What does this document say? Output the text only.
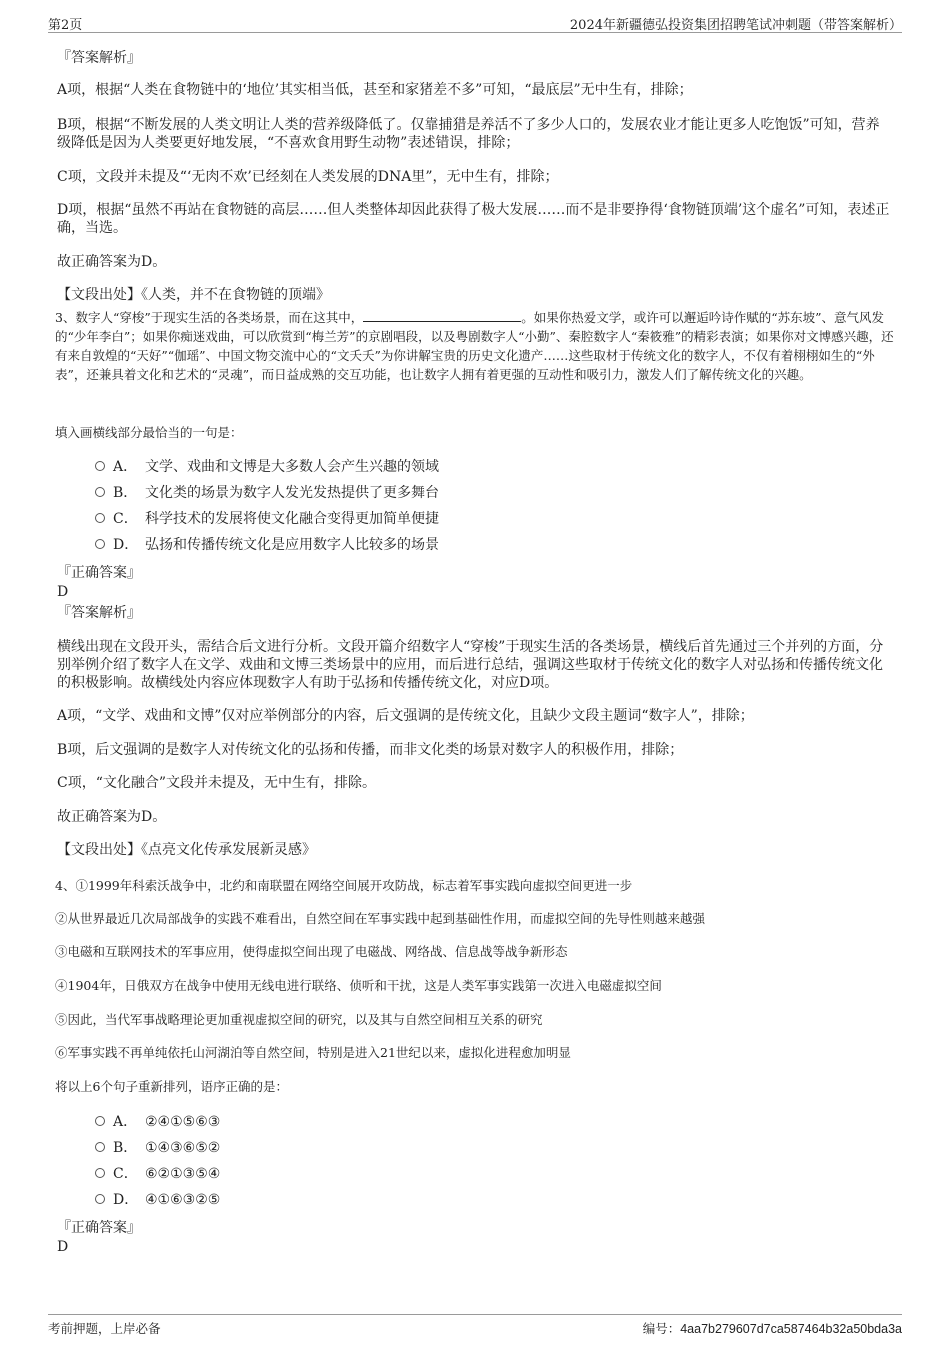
第2页	2024年新疆德弘投资集团招聘笔试冲刺题（带答案解析）

『答案解析』

A项，根据“人类在食物链中的‘地位’其实相当低，甚至和家猪差不多”可知，“最底层”无中生有，排除；

B项，根据“不断发展的人类文明让人类的营养级降低了。仅靠捕猎是养活不了多少人口的，发展农业才能让更多人吃饱饭”可知，营养级降低是因为人类要更好地发展，“不喜欢食用野生动物”表述错误，排除；

C项，文段并未提及“‘无肉不欢’已经刻在人类发展的DNA里”，无中生有，排除；

D项，根据“虽然不再站在食物链的高层……但人类整体却因此获得了极大发展……而不是非要挣得‘食物链顶端’这个虚名”可知，表述正确，当选。

故正确答案为D。

【文段出处】《人类，并不在食物链的顶端》

3、数字人“穿梭”于现实生活的各类场景，而在这其中，	。如果你热爱文学，或许可以邂逅吟诗作赋的“苏东坡”、意气风发的“少年李白”；如果你痴迷戏曲，可以欣赏到“梅兰芳”的京剧唱段，以及粤剧数字人“小勤”、秦腔数字人“秦筱雅”的精彩表演；如果你对文博感兴趣，还有来自敦煌的“天好”“伽瑶”、中国文物交流中心的“文夭夭”为你讲解宝贵的历史文化遗产……这些取材于传统文化的数字人，不仅有着栩栩如生的“外表”，还兼具着文化和艺术的“灵魂”，而日益成熟的交互功能，也让数字人拥有着更强的互动性和吸引力，激发人们了解传统文化的兴趣。

填入画横线部分最恰当的一句是：

A． 文学、戏曲和文博是大多数人会产生兴趣的领域
B． 文化类的场景为数字人发光发热提供了更多舞台
C． 科学技术的发展将使文化融合变得更加简单便捷
D． 弘扬和传播传统文化是应用数字人比较多的场景

『正确答案』

D

『答案解析』

横线出现在文段开头，需结合后文进行分析。文段开篇介绍数字人“穿梭”于现实生活的各类场景，横线后首先通过三个并列的方面，分别举例介绍了数字人在文学、戏曲和文博三类场景中的应用，而后进行总结，强调这些取材于传统文化的数字人对弘扬和传播传统文化的积极影响。故横线处内容应体现数字人有助于弘扬和传播传统文化，对应D项。

A项，“文学、戏曲和文博”仅对应举例部分的内容，后文强调的是传统文化，且缺少文段主题词“数字人”，排除；

B项，后文强调的是数字人对传统文化的弘扬和传播，而非文化类的场景对数字人的积极作用，排除；

C项，“文化融合”文段并未提及，无中生有，排除。

故正确答案为D。

【文段出处】《点亮文化传承发展新灵感》

4、①1999年科索沃战争中，北约和南联盟在网络空间展开攻防战，标志着军事实践向虚拟空间更进一步

②从世界最近几次局部战争的实践不难看出，自然空间在军事实践中起到基础性作用，而虚拟空间的先导性则越来越强

③电磁和互联网技术的军事应用，使得虚拟空间出现了电磁战、网络战、信息战等战争新形态

④1904年，日俄双方在战争中使用无线电进行联络、侦听和干扰，这是人类军事实践第一次进入电磁虚拟空间

⑤因此，当代军事战略理论更加重视虚拟空间的研究，以及其与自然空间相互关系的研究

⑥军事实践不再单纯依托山河湖泊等自然空间，特别是进入21世纪以来，虚拟化进程愈加明显

将以上6个句子重新排列，语序正确的是：

A． ②④①⑤⑥③
B． ①④③⑥⑤②
C． ⑥②①③⑤④
D． ④①⑥③②⑤

『正确答案』

D

考前押题，上岸必备	编号：4aa7b279607d7ca587464b32a50bda3a
